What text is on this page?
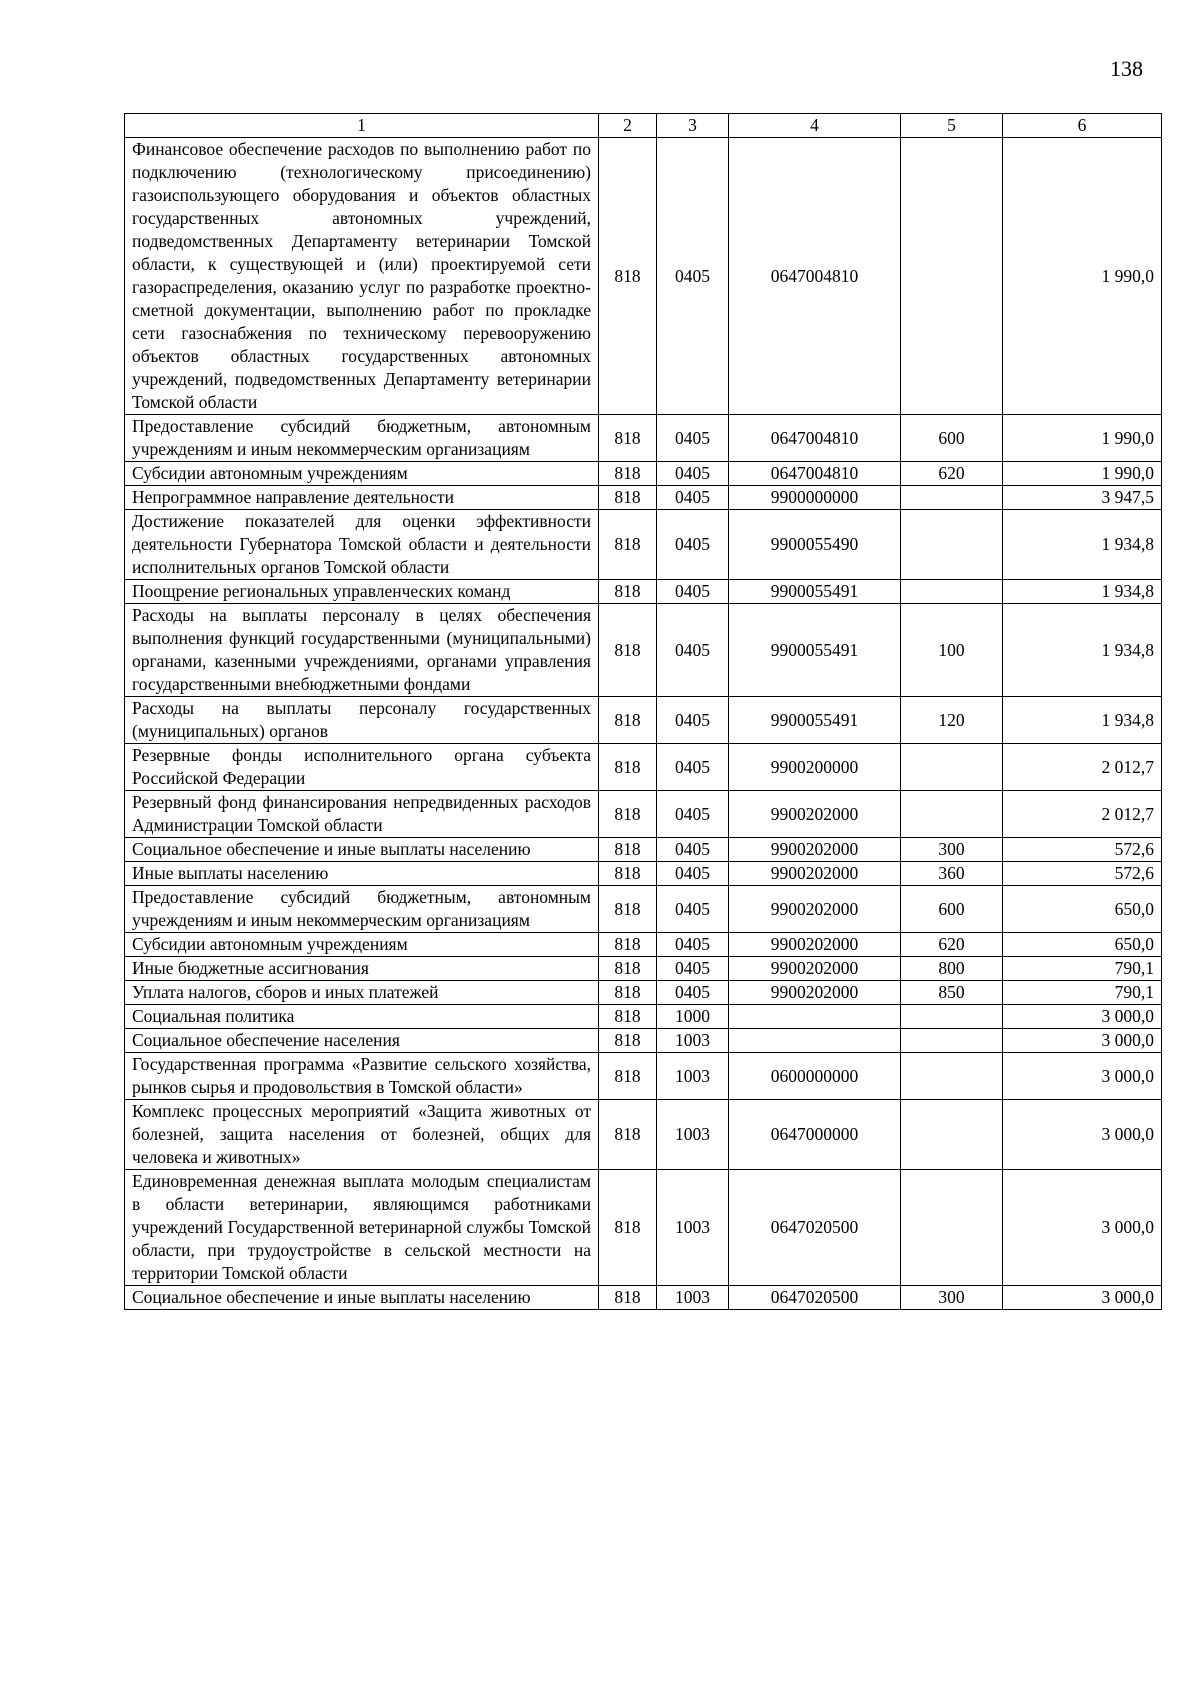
138
1	2	3	4	5	6
Финансовое обеспечение расходов по выполнению работ по подключению (технологическому присоединению) газоиспользующего оборудования и объектов областных государственных автономных учреждений, подведомственных Департаменту ветеринарии Томской области, к существующей и (или) проектируемой сети газораспределения, оказанию услуг по разработке проектно-сметной документации, выполнению работ по прокладке сети газоснабжения по техническому перевооружению объектов областных государственных автономных учреждений, подведомственных Департаменту ветеринарии Томской области	818	0405	0647004810		1 990,0
Предоставление субсидий бюджетным, автономным учреждениям и иным некоммерческим организациям	818	0405	0647004810	600	1 990,0
Субсидии автономным учреждениям	818	0405	0647004810	620	1 990,0
Непрограммное направление деятельности	818	0405	9900000000		3 947,5
Достижение показателей для оценки эффективности деятельности Губернатора Томской области и деятельности исполнительных органов Томской области	818	0405	9900055490		1 934,8
Поощрение региональных управленческих команд	818	0405	9900055491		1 934,8
Расходы на выплаты персоналу в целях обеспечения выполнения функций государственными (муниципальными) органами, казенными учреждениями, органами управления государственными внебюджетными фондами	818	0405	9900055491	100	1 934,8
Расходы на выплаты персоналу государственных (муниципальных) органов	818	0405	9900055491	120	1 934,8
Резервные фонды исполнительного органа субъекта Российской Федерации	818	0405	9900200000		2 012,7
Резервный фонд финансирования непредвиденных расходов Администрации Томской области	818	0405	9900202000		2 012,7
Социальное обеспечение и иные выплаты населению	818	0405	9900202000	300	572,6
Иные выплаты населению	818	0405	9900202000	360	572,6
Предоставление субсидий бюджетным, автономным учреждениям и иным некоммерческим организациям	818	0405	9900202000	600	650,0
Субсидии автономным учреждениям	818	0405	9900202000	620	650,0
Иные бюджетные ассигнования	818	0405	9900202000	800	790,1
Уплата налогов, сборов и иных платежей	818	0405	9900202000	850	790,1
Социальная политика	818	1000			3 000,0
Социальное обеспечение населения	818	1003			3 000,0
Государственная программа «Развитие сельского хозяйства, рынков сырья и продовольствия в Томской области»	818	1003	0600000000		3 000,0
Комплекс процессных мероприятий «Защита животных от болезней, защита населения от болезней, общих для человека и животных»	818	1003	0647000000		3 000,0
Единовременная денежная выплата молодым специалистам в области ветеринарии, являющимся работниками учреждений Государственной ветеринарной службы Томской области, при трудоустройстве в сельской местности на территории Томской области	818	1003	0647020500		3 000,0
Социальное обеспечение и иные выплаты населению	818	1003	0647020500	300	3 000,0
